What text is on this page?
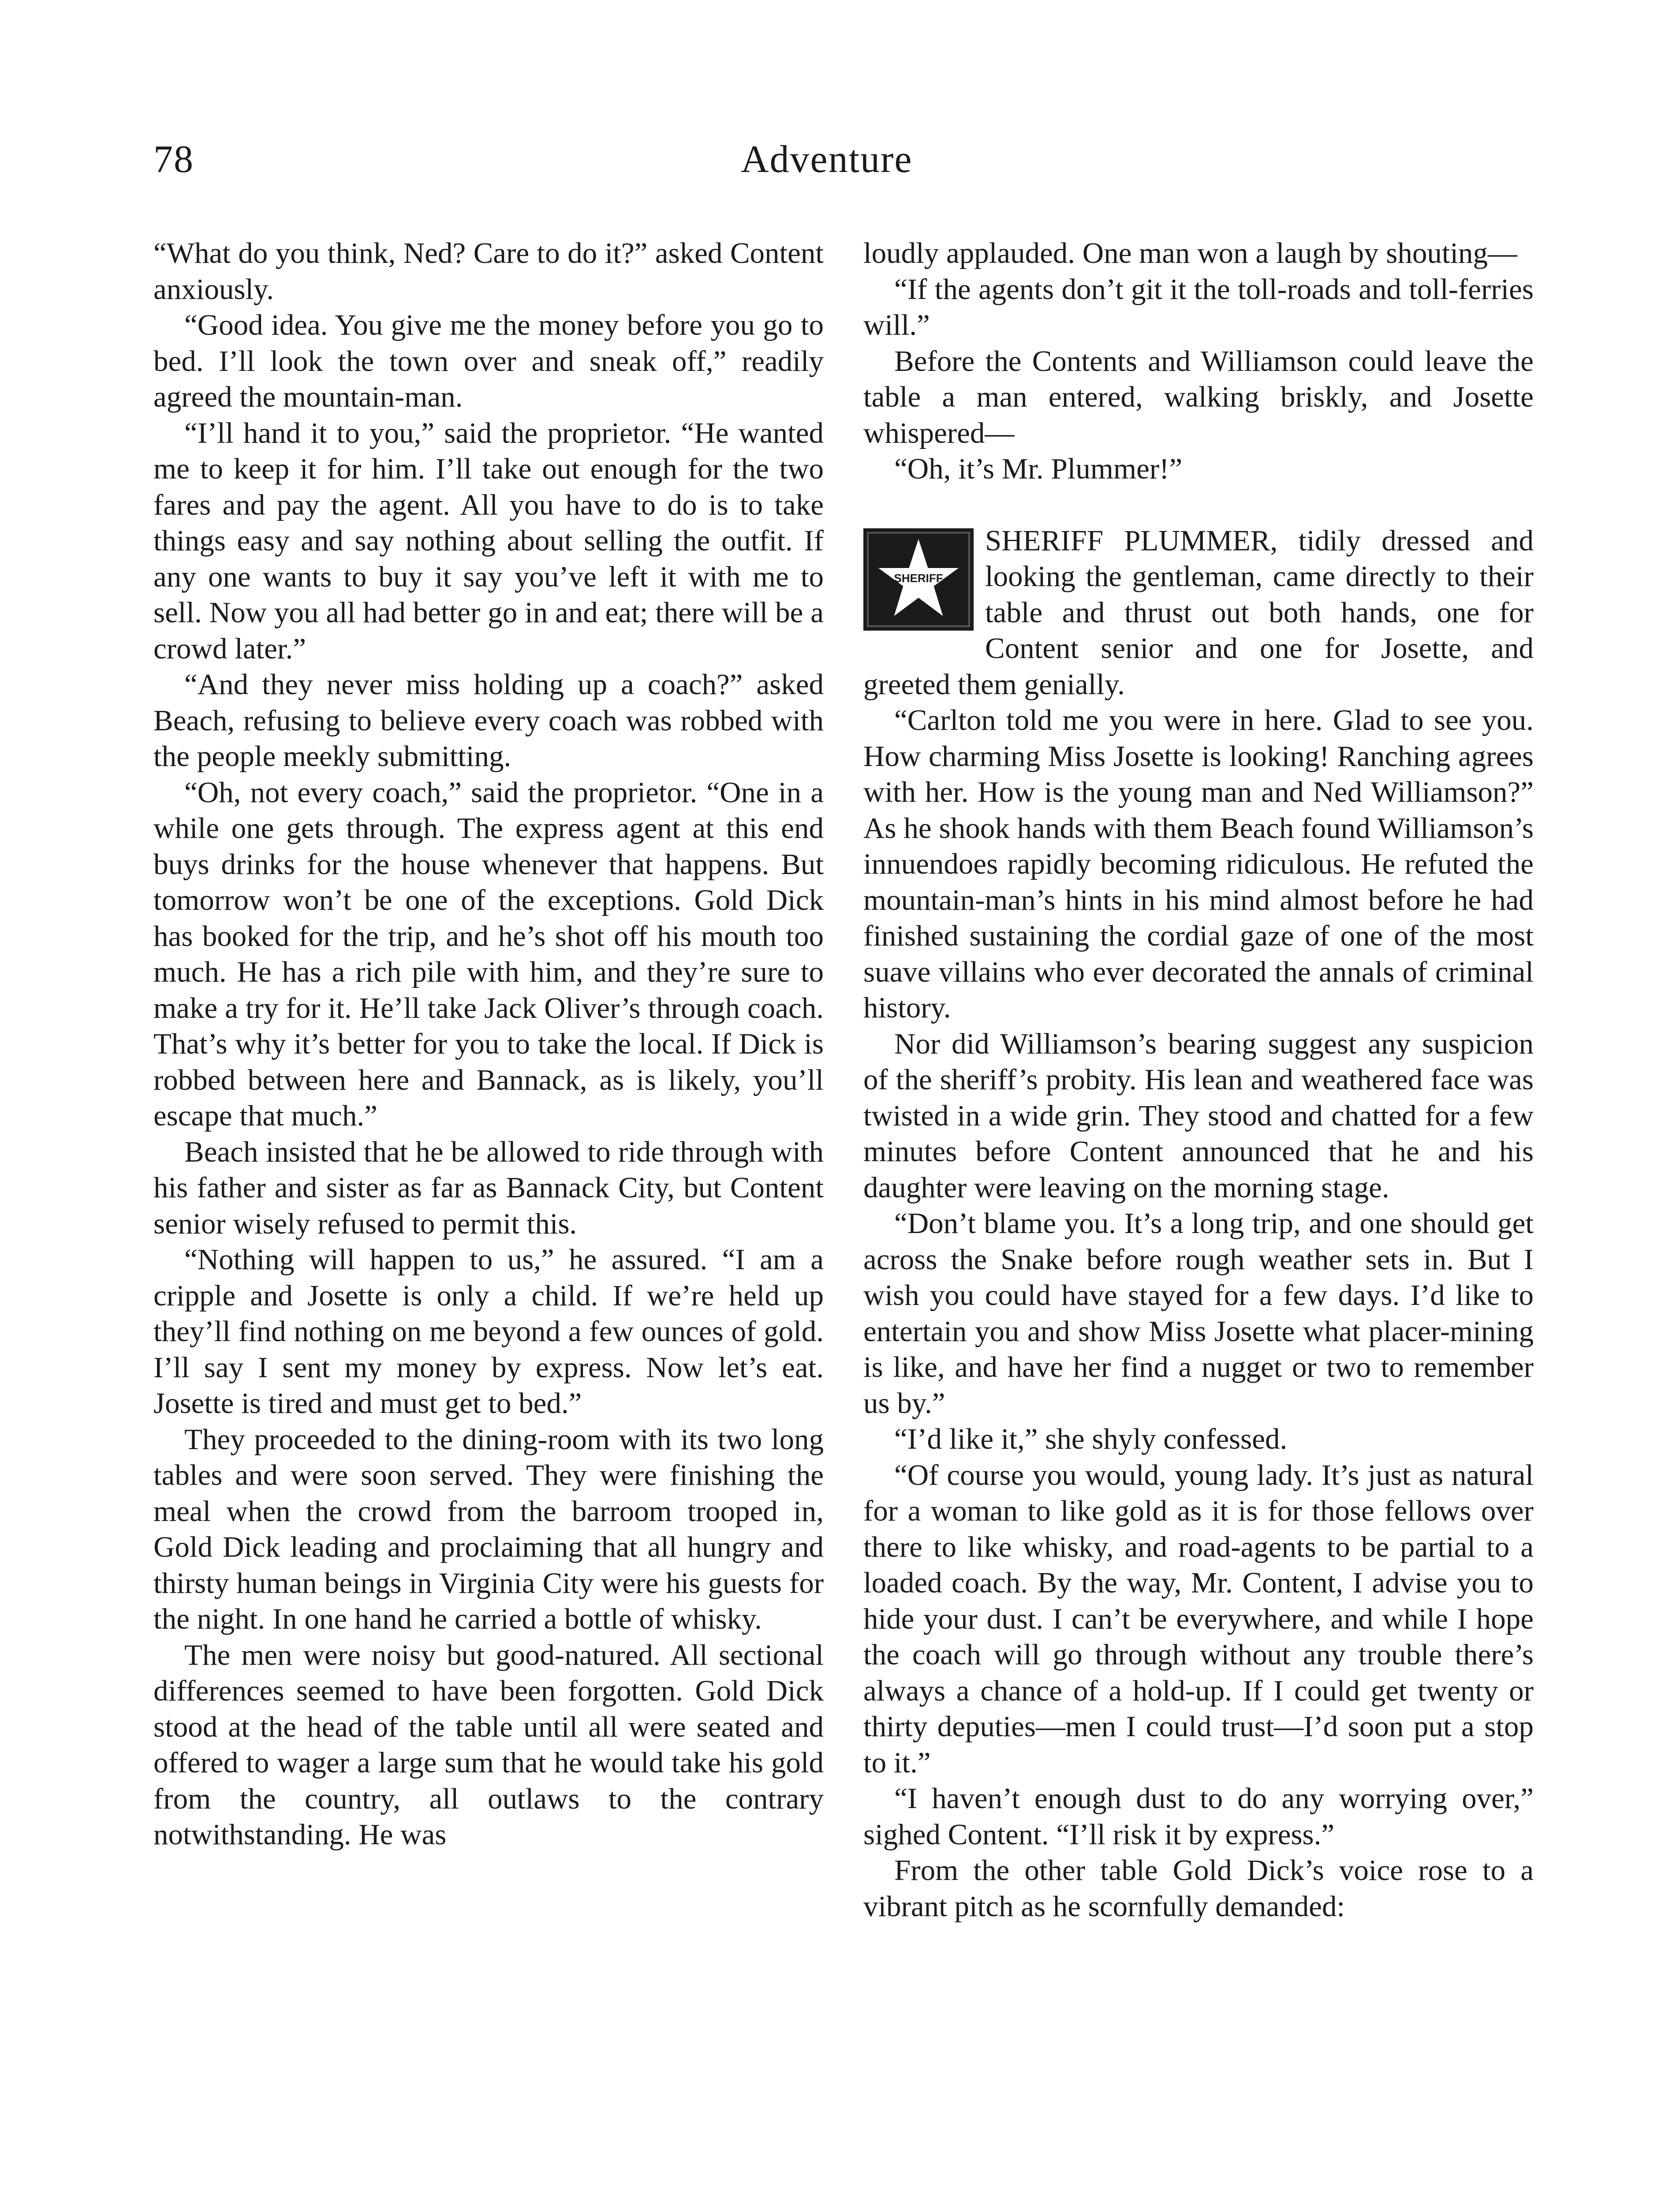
78	Adventure

“What do you think, Ned? Care to do it?” asked Content anxiously.

“Good idea. You give me the money before you go to bed. I’ll look the town over and sneak off,” readily agreed the mountain-man.

“I’ll hand it to you,” said the proprietor. “He wanted me to keep it for him. I’ll take out enough for the two fares and pay the agent. All you have to do is to take things easy and say nothing about selling the outfit. If any one wants to buy it say you’ve left it with me to sell. Now you all had better go in and eat; there will be a crowd later.”

“And they never miss holding up a coach?” asked Beach, refusing to believe every coach was robbed with the people meekly submitting.

“Oh, not every coach,” said the proprietor. “One in a while one gets through. The express agent at this end buys drinks for the house whenever that happens. But tomorrow won’t be one of the exceptions. Gold Dick has booked for the trip, and he’s shot off his mouth too much. He has a rich pile with him, and they’re sure to make a try for it. He’ll take Jack Oliver’s through coach. That’s why it’s better for you to take the local. If Dick is robbed between here and Bannack, as is likely, you’ll escape that much.”

Beach insisted that he be allowed to ride through with his father and sister as far as Bannack City, but Content senior wisely refused to permit this.

“Nothing will happen to us,” he assured. “I am a cripple and Josette is only a child. If we’re held up they’ll find nothing on me beyond a few ounces of gold. I’ll say I sent my money by express. Now let’s eat. Josette is tired and must get to bed.”

They proceeded to the dining-room with its two long tables and were soon served. They were finishing the meal when the crowd from the barroom trooped in, Gold Dick leading and proclaiming that all hungry and thirsty human beings in Virginia City were his guests for the night. In one hand he carried a bottle of whisky.

The men were noisy but good-natured. All sectional differences seemed to have been forgotten. Gold Dick stood at the head of the table until all were seated and offered to wager a large sum that he would take his gold from the country, all outlaws to the contrary notwithstanding. He was

loudly applauded. One man won a laugh by shouting—

“If the agents don’t git it the toll-roads and toll-ferries will.”

Before the Contents and Williamson could leave the table a man entered, walking briskly, and Josette whispered—

“Oh, it’s Mr. Plummer!”

SHERIFF

SHERIFF PLUMMER, tidily dressed and looking the gentleman, came directly to their table and thrust out both hands, one for Content senior and one for Josette, and greeted them genially.

“Carlton told me you were in here. Glad to see you. How charming Miss Josette is looking! Ranching agrees with her. How is the young man and Ned Williamson?” As he shook hands with them Beach found Williamson’s innuendoes rapidly becoming ridiculous. He refuted the mountain-man’s hints in his mind almost before he had finished sustaining the cordial gaze of one of the most suave villains who ever decorated the annals of criminal history.

Nor did Williamson’s bearing suggest any suspicion of the sheriff’s probity. His lean and weathered face was twisted in a wide grin. They stood and chatted for a few minutes before Content announced that he and his daughter were leaving on the morning stage.

“Don’t blame you. It’s a long trip, and one should get across the Snake before rough weather sets in. But I wish you could have stayed for a few days. I’d like to entertain you and show Miss Josette what placer-mining is like, and have her find a nugget or two to remember us by.”

“I’d like it,” she shyly confessed.

“Of course you would, young lady. It’s just as natural for a woman to like gold as it is for those fellows over there to like whisky, and road-agents to be partial to a loaded coach. By the way, Mr. Content, I advise you to hide your dust. I can’t be everywhere, and while I hope the coach will go through without any trouble there’s always a chance of a hold-up. If I could get twenty or thirty deputies—men I could trust—I’d soon put a stop to it.”

“I haven’t enough dust to do any worrying over,” sighed Content. “I’ll risk it by express.”

From the other table Gold Dick’s voice rose to a vibrant pitch as he scornfully demanded:
